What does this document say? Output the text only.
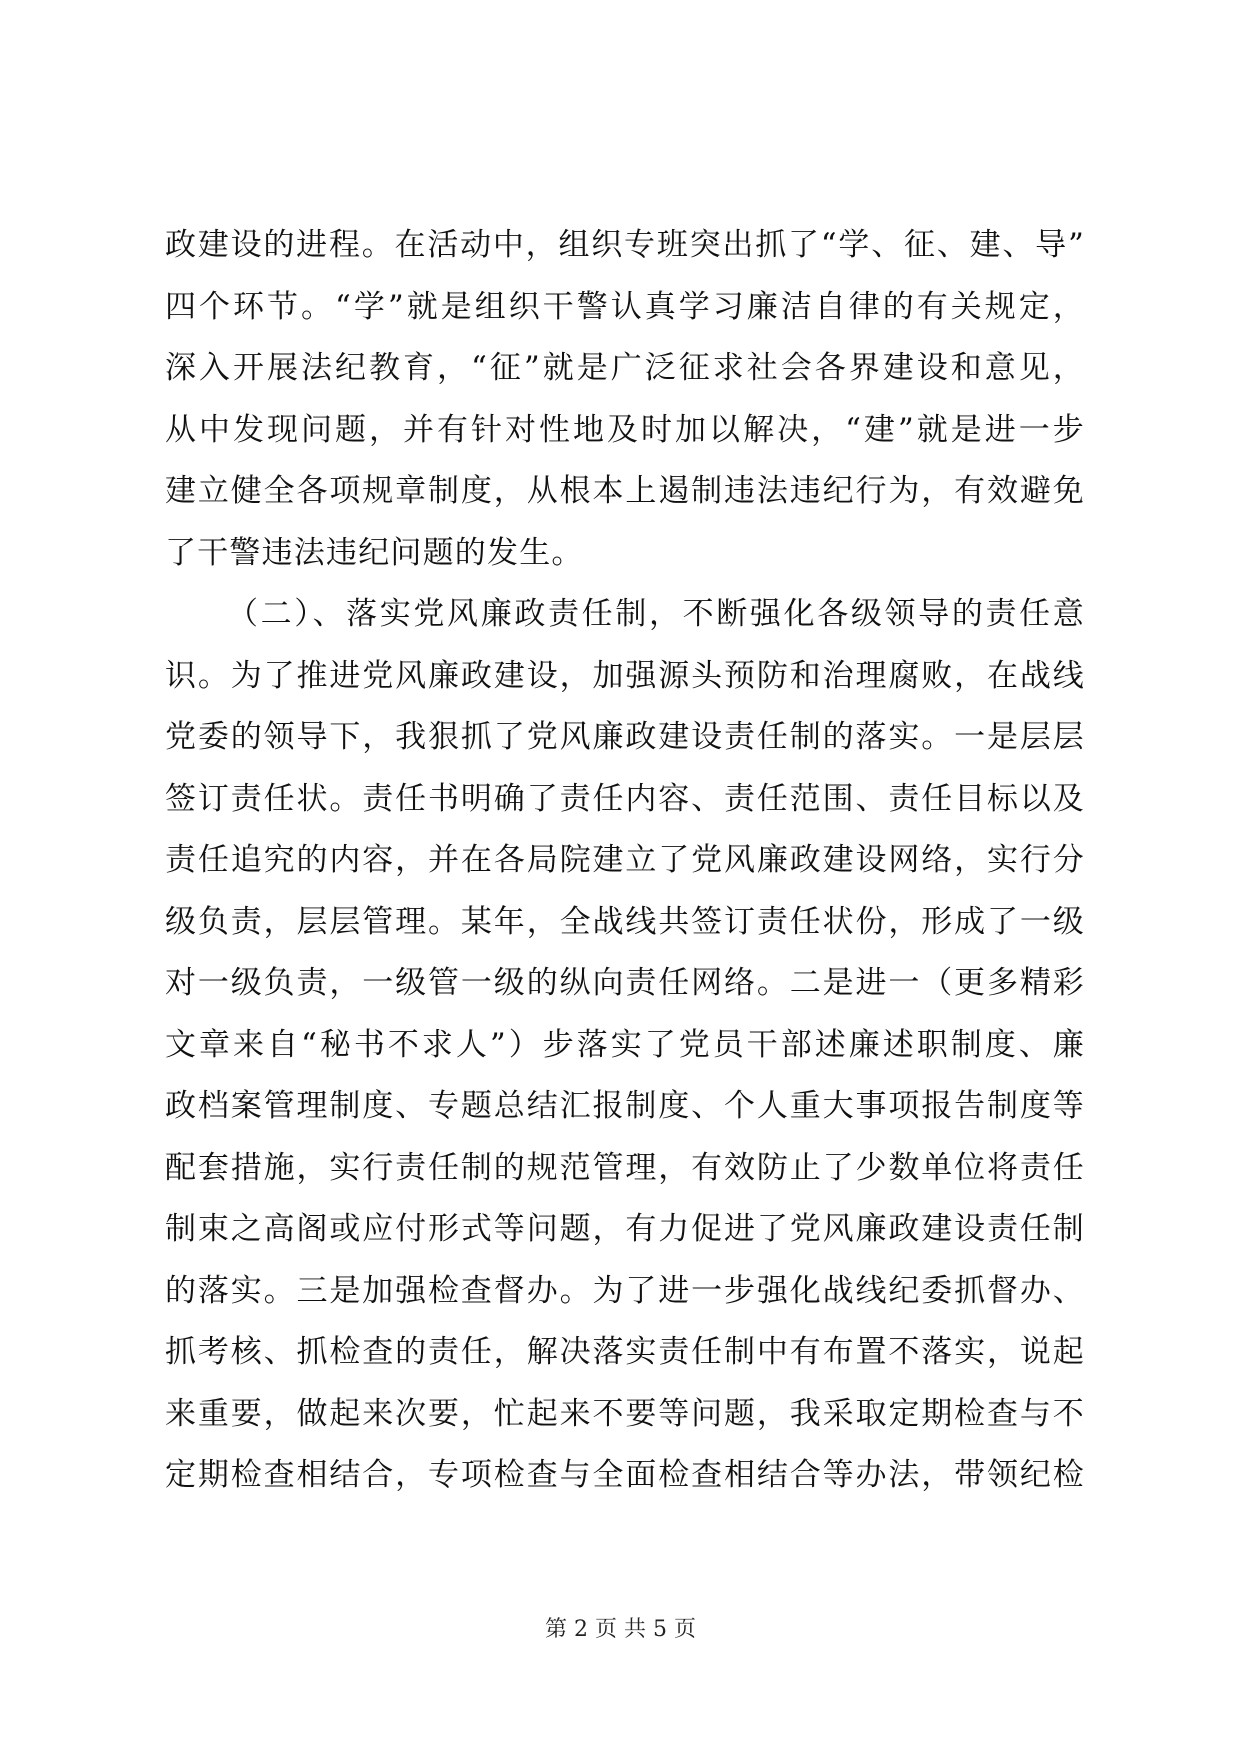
政建设的进程。在活动中，组织专班突出抓了“学、征、建、导”
四个环节。“学”就是组织干警认真学习廉洁自律的有关规定，
深入开展法纪教育，“征”就是广泛征求社会各界建设和意见，
从中发现问题，并有针对性地及时加以解决，“建”就是进一步
建立健全各项规章制度，从根本上遏制违法违纪行为，有效避免
了干警违法违纪问题的发生。
（二）、落实党风廉政责任制，不断强化各级领导的责任意
识。为了推进党风廉政建设，加强源头预防和治理腐败，在战线
党委的领导下，我狠抓了党风廉政建设责任制的落实。一是层层
签订责任状。责任书明确了责任内容、责任范围、责任目标以及
责任追究的内容，并在各局院建立了党风廉政建设网络，实行分
级负责，层层管理。某年，全战线共签订责任状份，形成了一级
对一级负责，一级管一级的纵向责任网络。二是进一（更多精彩
文章来自“秘书不求人”）步落实了党员干部述廉述职制度、廉
政档案管理制度、专题总结汇报制度、个人重大事项报告制度等
配套措施，实行责任制的规范管理，有效防止了少数单位将责任
制束之高阁或应付形式等问题，有力促进了党风廉政建设责任制
的落实。三是加强检查督办。为了进一步强化战线纪委抓督办、
抓考核、抓检查的责任，解决落实责任制中有布置不落实，说起
来重要，做起来次要，忙起来不要等问题，我采取定期检查与不
定期检查相结合，专项检查与全面检查相结合等办法，带领纪检
第 2 页 共 5 页
